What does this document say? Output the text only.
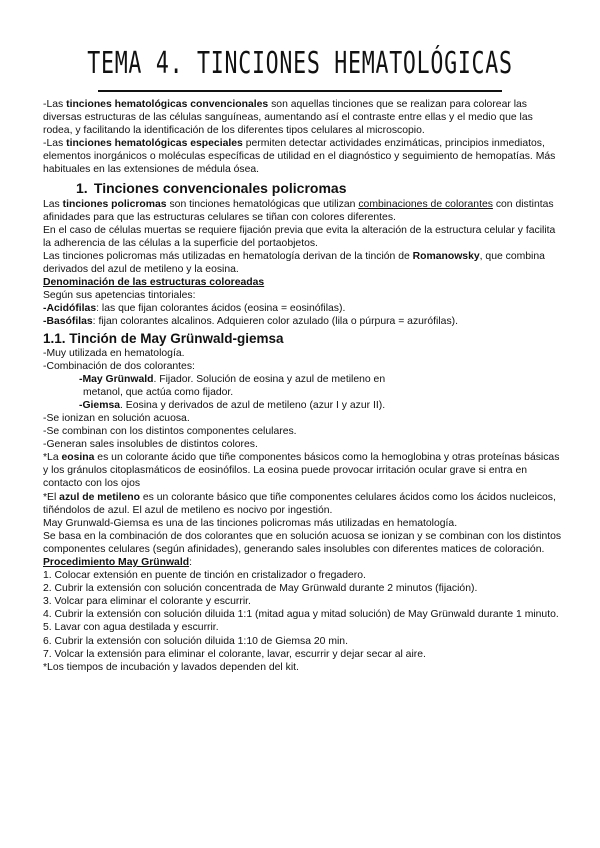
TEMA 4. TINCIONES HEMATOLÓGICAS

-Las tinciones hematológicas convencionales son aquellas tinciones que se realizan para colorear las diversas estructuras de las células sanguíneas, aumentando así el contraste entre ellas y el medio que las rodea, y facilitando la identificación de los diferentes tipos celulares al microscopio.

-Las tinciones hematológicas especiales permiten detectar actividades enzimáticas, principios inmediatos, elementos inorgánicos o moléculas específicas de utilidad en el diagnóstico y seguimiento de hemopatías. Más habituales en las extensiones de médula ósea.

1. Tinciones convencionales policromas

Las tinciones policromas son tinciones hematológicas que utilizan combinaciones de colorantes con distintas afinidades para que las estructuras celulares se tiñan con colores diferentes.

En el caso de células muertas se requiere fijación previa que evita la alteración de la estructura celular y facilita la adherencia de las células a la superficie del portaobjetos.

Las tinciones policromas más utilizadas en hematología derivan de la tinción de Romanowsky, que combina derivados del azul de metileno y la eosina.

Denominación de las estructuras coloreadas

Según sus apetencias tintoriales:

-Acidófilas: las que fijan colorantes ácidos (eosina = eosinófilas).

-Basófilas: fijan colorantes alcalinos. Adquieren color azulado (lila o púrpura = azurófilas).

1.1. Tinción de May Grünwald-giemsa

-Muy utilizada en hematología.

-Combinación de dos colorantes:

-May Grünwald. Fijador. Solución de eosina y azul de metileno en

metanol, que actúa como fijador.

-Giemsa. Eosina y derivados de azul de metileno (azur I y azur II).

-Se ionizan en solución acuosa.

-Se combinan con los distintos componentes celulares.

-Generan sales insolubles de distintos colores.

*La eosina es un colorante ácido que tiñe componentes básicos como la hemoglobina y otras proteínas básicas y los gránulos citoplasmáticos de eosinófilos. La eosina puede provocar irritación ocular grave si entra en contacto con los ojos

*El azul de metileno es un colorante básico que tiñe componentes celulares ácidos como los ácidos nucleicos, tiñéndolos de azul. El azul de metileno es nocivo por ingestión.

May Grunwald-Giemsa es una de las tinciones policromas más utilizadas en hematología.

Se basa en la combinación de dos colorantes que en solución acuosa se ionizan y se combinan con los distintos componentes celulares (según afinidades), generando sales insolubles con diferentes matices de coloración.

Procedimiento May Grünwald:

1. Colocar extensión en puente de tinción en cristalizador o fregadero.

2. Cubrir la extensión con solución concentrada de May Grünwald durante 2 minutos (fijación).

3. Volcar para eliminar el colorante y escurrir.

4. Cubrir la extensión con solución diluida 1:1 (mitad agua y mitad solución) de May Grünwald durante 1 minuto.

5. Lavar con agua destilada y escurrir.

6. Cubrir la extensión con solución diluida 1:10 de Giemsa 20 min.

7. Volcar la extensión para eliminar el colorante, lavar, escurrir y dejar secar al aire.

*Los tiempos de incubación y lavados dependen del kit.
